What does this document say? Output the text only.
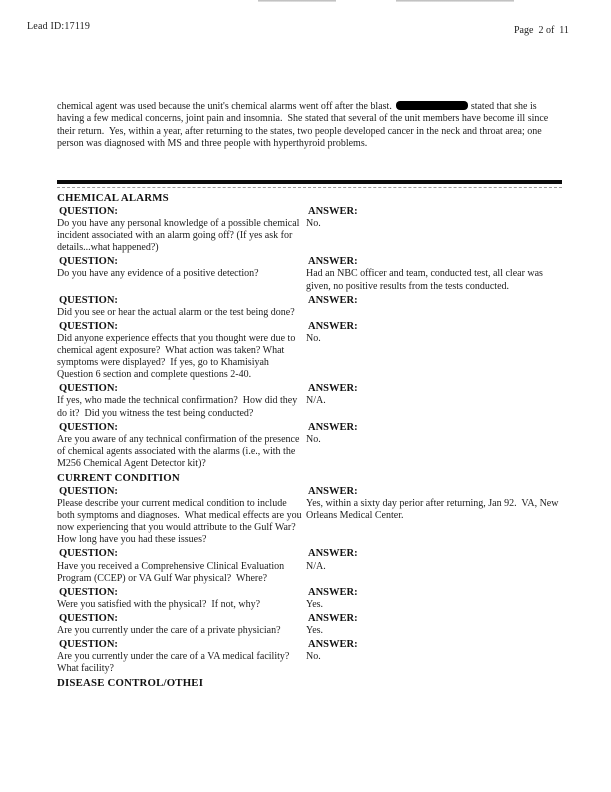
Lead ID:17119	Page  2 of  11

chemical agent was used because the unit's chemical alarms went off after the blast.	stated that she is having a few medical concerns, joint pain and insomnia.  She stated that several of the unit members have become ill since their return.  Yes, within a year, after returning to the states, two people developed cancer in the neck and throat area; one person was diagnosed with MS and three people with hyperthyroid problems.

CHEMICAL ALARMS
QUESTION:
Do you have any personal knowledge of a possible chemical incident associated with an alarm going off? (If yes ask for details...what happened?)
ANSWER:
No.
QUESTION:
Do you have any evidence of a positive detection?
ANSWER:
Had an NBC officer and team, conducted test, all clear was given, no positive results from the tests conducted.
QUESTION:
Did you see or hear the actual alarm or the test being done?
ANSWER:
QUESTION:
Did anyone experience effects that you thought were due to chemical agent exposure?  What action was taken? What symptoms were displayed?  If yes, go to Khamisiyah Question 6 section and complete questions 2-40.
ANSWER:
No.
QUESTION:
If yes, who made the technical confirmation?  How did they do it?  Did you witness the test being conducted?
ANSWER:
N/A.
QUESTION:
Are you aware of any technical confirmation of the presence of chemical agents associated with the alarms (i.e., with the M256 Chemical Agent Detector kit)?
ANSWER:
No.
CURRENT CONDITION
QUESTION:
Please describe your current medical condition to include both symptoms and diagnoses.  What medical effects are you now experiencing that you would attribute to the Gulf War?  How long have you had these issues?
ANSWER:
Yes, within a sixty day perior after returning, Jan 92.  VA, New Orleans Medical Center.
QUESTION:
Have you received a Comprehensive Clinical Evaluation Program (CCEP) or VA Gulf War physical?  Where?
ANSWER:
N/A.
QUESTION:
Were you satisfied with the physical?  If not, why?
ANSWER:
Yes.
QUESTION:
Are you currently under the care of a private physician?
ANSWER:
Yes.
QUESTION:
Are you currently under the care of a VA medical facility?  What facility?
ANSWER:
No.
DISEASE CONTROL/OTHEI
